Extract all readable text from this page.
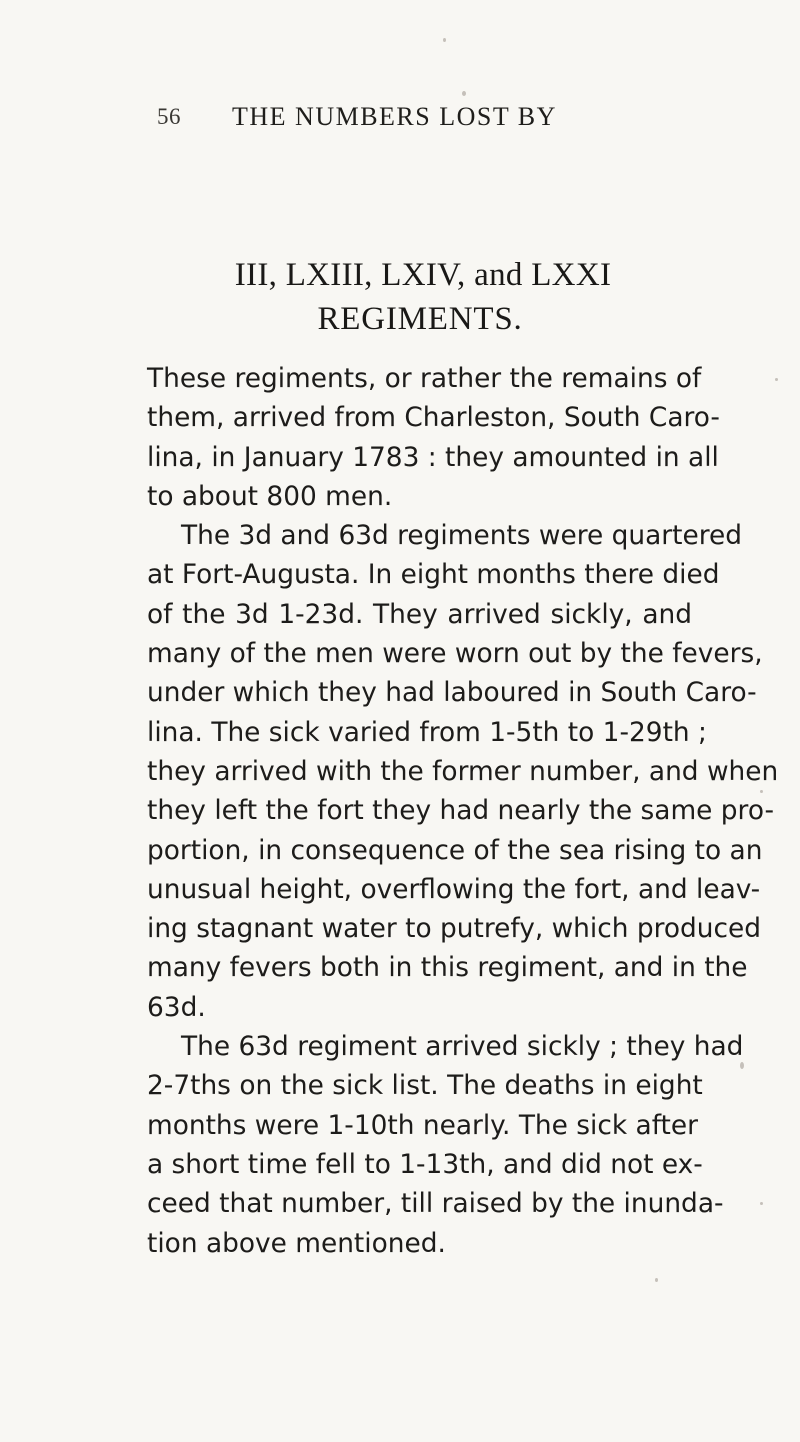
56 THE NUMBERS LOST BY
III, LXIII, LXIV, and LXXI
REGIMENTS.
These regiments, or rather the remains of
them, arrived from Charleston, South Caro-
lina, in January 1783 : they amounted in all
to about 800 men.
The 3d and 63d regiments were quartered
at Fort-Augusta. In eight months there died
of the 3d 1-23d. They arrived sickly, and
many of the men were worn out by the fevers,
under which they had laboured in South Caro-
lina. The sick varied from 1-5th to 1-29th ;
they arrived with the former number, and when
they left the fort they had nearly the same pro-
portion, in consequence of the sea rising to an
unusual height, overflowing the fort, and leav-
ing stagnant water to putrefy, which produced
many fevers both in this regiment, and in the
63d.
The 63d regiment arrived sickly ; they had
2-7ths on the sick list. The deaths in eight
months were 1-10th nearly. The sick after
a short time fell to 1-13th, and did not ex-
ceed that number, till raised by the inunda-
tion above mentioned.
